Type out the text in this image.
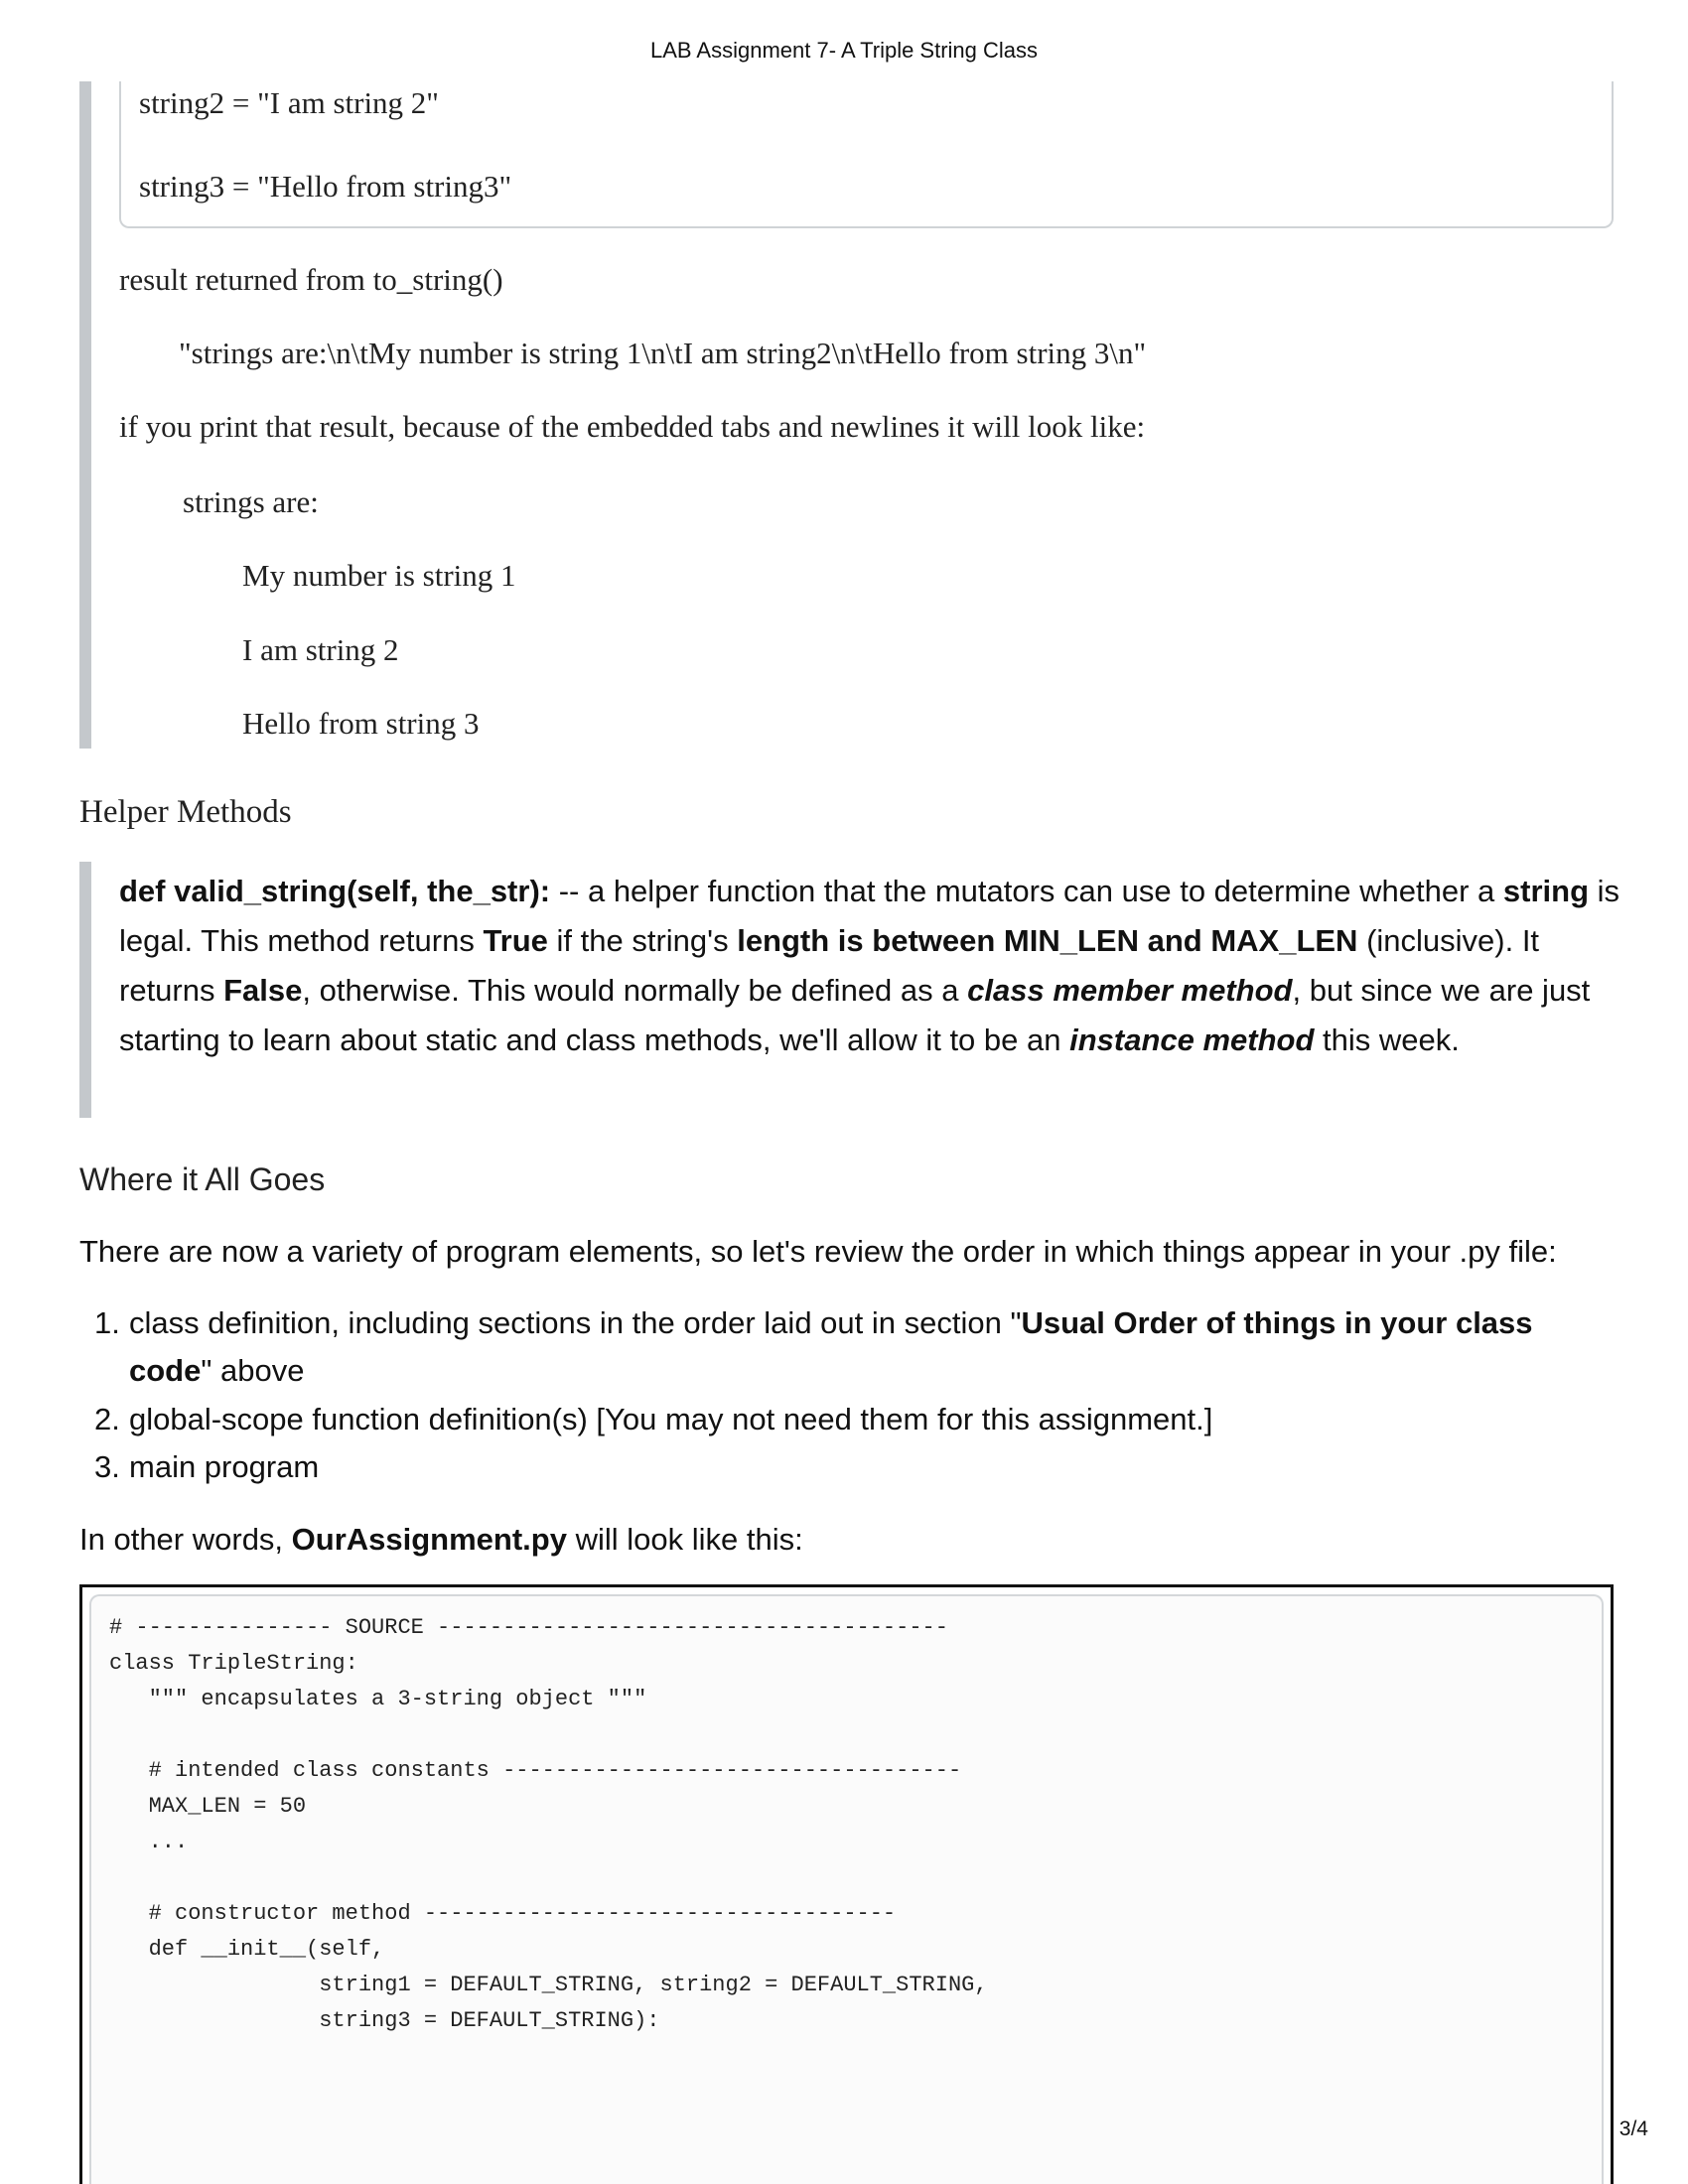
LAB Assignment 7- A Triple String Class
string2 = "I am string 2"
string3 = "Hello from string3"
result returned from to_string()
"strings are:\n\tMy number is string 1\n\tI am string2\n\tHello from string 3\n"
if you print that result, because of the embedded tabs and newlines it will look like:
strings are:
My number is string 1
I am string 2
Hello from string 3
Helper Methods
def valid_string(self, the_str): -- a helper function that the mutators can use to determine whether a string is legal. This method returns True if the string's length is between MIN_LEN and MAX_LEN (inclusive). It returns False, otherwise. This would normally be defined as a class member method, but since we are just starting to learn about static and class methods, we'll allow it to be an instance method this week.
Where it All Goes
There are now a variety of program elements, so let's review the order in which things appear in your .py file:
1. class definition, including sections in the order laid out in section "Usual Order of things in your class code" above
2. global-scope function definition(s) [You may not need them for this assignment.]
3. main program
In other words, OurAssignment.py will look like this:
# --------------- SOURCE ---------------------------------------
class TripleString:
""" encapsulates a 3-string object """
# intended class constants -----------------------------------
MAX_LEN = 50
...
# constructor method ------------------------------------
def __init__(self,
string1 = DEFAULT_STRING, string2 = DEFAULT_STRING,
string3 = DEFAULT_STRING):
3/4
